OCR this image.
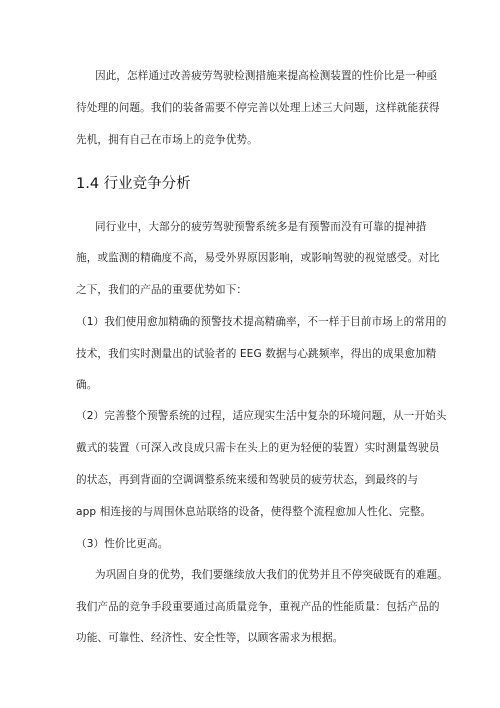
因此，怎样通过改善疲劳驾驶检测措施来提高检测装置的性价比是一种亟
待处理的问题。我们的装备需要不停完善以处理上述三大问题，这样就能获得
先机，拥有自己在市场上的竞争优势。
1.4 行业竞争分析
同行业中，大部分的疲劳驾驶预警系统多是有预警而没有可靠的提神措
施，或监测的精确度不高，易受外界原因影响，或影响驾驶的视觉感受。对比
之下，我们的产品的重要优势如下：
（1）我们使用愈加精确的预警技术提高精确率，不一样于目前市场上的常用的
技术，我们实时测量出的试验者的 EEG 数据与心跳频率，得出的成果愈加精
确。
（2）完善整个预警系统的过程，适应现实生活中复杂的环境问题，从一开始头
戴式的装置（可深入改良成只需卡在头上的更为轻便的装置）实时测量驾驶员
的状态，再到背面的空调调整系统来缓和驾驶员的疲劳状态，到最终的与
app 相连接的与周围休息站联络的设备，使得整个流程愈加人性化、完整。
（3）性价比更高。
为巩固自身的优势，我们要继续放大我们的优势并且不停突破既有的难题。
我们产品的竞争手段重要通过高质量竞争，重视产品的性能质量：包括产品的
功能、可靠性、经济性、安全性等，以顾客需求为根据。
